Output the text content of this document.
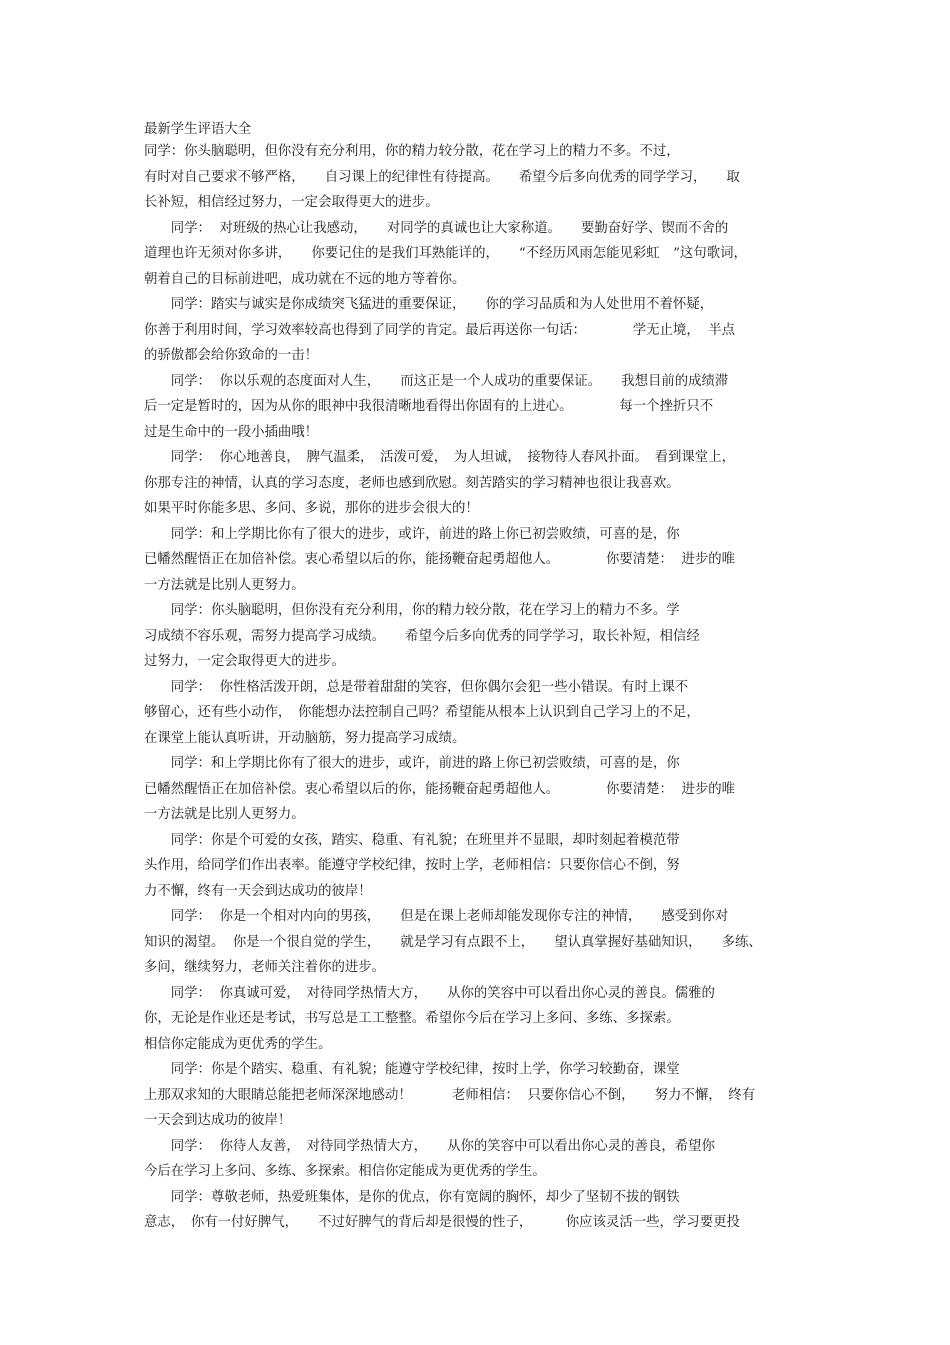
最新学生评语大全
同学：你头脑聪明，但你没有充分利用，你的精力较分散，花在学习上的精力不多。不过，
有时对自己要求不够严格，　　自习课上的纪律性有待提高。　　希望今后多向优秀的同学学习，　　取
长补短，相信经过努力，一定会取得更大的进步。
　　同学：  对班级的热心让我感动，　　对同学的真诚也让大家称道。　　要勤奋好学、锲而不舍的
道理也许无须对你多讲，　　你要记住的是我们耳熟能详的，　　“不经历风雨怎能见彩虹　”这句歌词，
朝着自己的目标前进吧，成功就在不远的地方等着你。
　　同学：踏实与诚实是你成绩突飞猛进的重要保证，　　你的学习品质和为人处世用不着怀疑，
你善于利用时间，学习效率较高也得到了同学的肯定。最后再送你一句话：　　　　学无止境，  半点
的骄傲都会给你致命的一击！
　　同学：  你以乐观的态度面对人生，　　而这正是一个人成功的重要保证。　　我想目前的成绩滞
后一定是暂时的，因为从你的眼神中我很清晰地看得出你固有的上进心。　　　　每一个挫折只不
过是生命中的一段小插曲哦！
　　同学：  你心地善良，　脾气温柔，　活泼可爱，　为人坦诚，　接物待人春风扑面。　看到课堂上，
你那专注的神情，认真的学习态度，老师也感到欣慰。刻苦踏实的学习精神也很让我喜欢。
如果平时你能多思、多问、多说，那你的进步会很大的！
　　同学：和上学期比你有了很大的进步，或许，前进的路上你已初尝败绩，可喜的是，你
已幡然醒悟正在加倍补偿。衷心希望以后的你，能扬鞭奋起勇超他人。　　　　你要清楚：  进步的唯
一方法就是比别人更努力。
　　同学：你头脑聪明，但你没有充分利用，你的精力较分散，花在学习上的精力不多。学
习成绩不容乐观，需努力提高学习成绩。　　希望今后多向优秀的同学学习，取长补短，相信经
过努力，一定会取得更大的进步。
　　同学：  你性格活泼开朗，总是带着甜甜的笑容，但你偶尔会犯一些小错误。有时上课不
够留心，还有些小动作，　你能想办法控制自己吗？希望能从根本上认识到自己学习上的不足，
在课堂上能认真听讲，开动脑筋，努力提高学习成绩。
　　同学：和上学期比你有了很大的进步，或许，前进的路上你已初尝败绩，可喜的是，你
已幡然醒悟正在加倍补偿。衷心希望以后的你，能扬鞭奋起勇超他人。　　　　你要清楚：  进步的唯
一方法就是比别人更努力。
　　同学：你是个可爱的女孩，踏实、稳重、有礼貌；在班里并不显眼，却时刻起着模范带
头作用，给同学们作出表率。能遵守学校纪律，按时上学，老师相信：只要你信心不倒，努
力不懈，终有一天会到达成功的彼岸！
　　同学：  你是一个相对内向的男孩，　　但是在课上老师却能发现你专注的神情，　　感受到你对
知识的渴望。  你是一个很自觉的学生，　　就是学习有点跟不上，　　望认真掌握好基础知识，　　多练、
多问，继续努力，老师关注着你的进步。
　　同学：  你真诚可爱，　对待同学热情大方，　　从你的笑容中可以看出你心灵的善良。儒雅的
你，无论是作业还是考试，书写总是工工整整。希望你今后在学习上多问、多练、多探索。
相信你定能成为更优秀的学生。
　　同学：你是个踏实、稳重、有礼貌；能遵守学校纪律，按时上学，你学习较勤奋，课堂
上那双求知的大眼睛总能把老师深深地感动！　　　老师相信：  只要你信心不倒，　　努力不懈，　终有
一天会到达成功的彼岸！
　　同学：  你待人友善，　对待同学热情大方，　　从你的笑容中可以看出你心灵的善良，希望你
今后在学习上多问、多练、多探索。相信你定能成为更优秀的学生。
　　同学：尊敬老师，热爱班集体，是你的优点，你有宽阔的胸怀，却少了坚韧不拔的钢铁
意志，　你有一付好脾气，　　不过好脾气的背后却是很慢的性子，　　　你应该灵活一些，学习要更投
